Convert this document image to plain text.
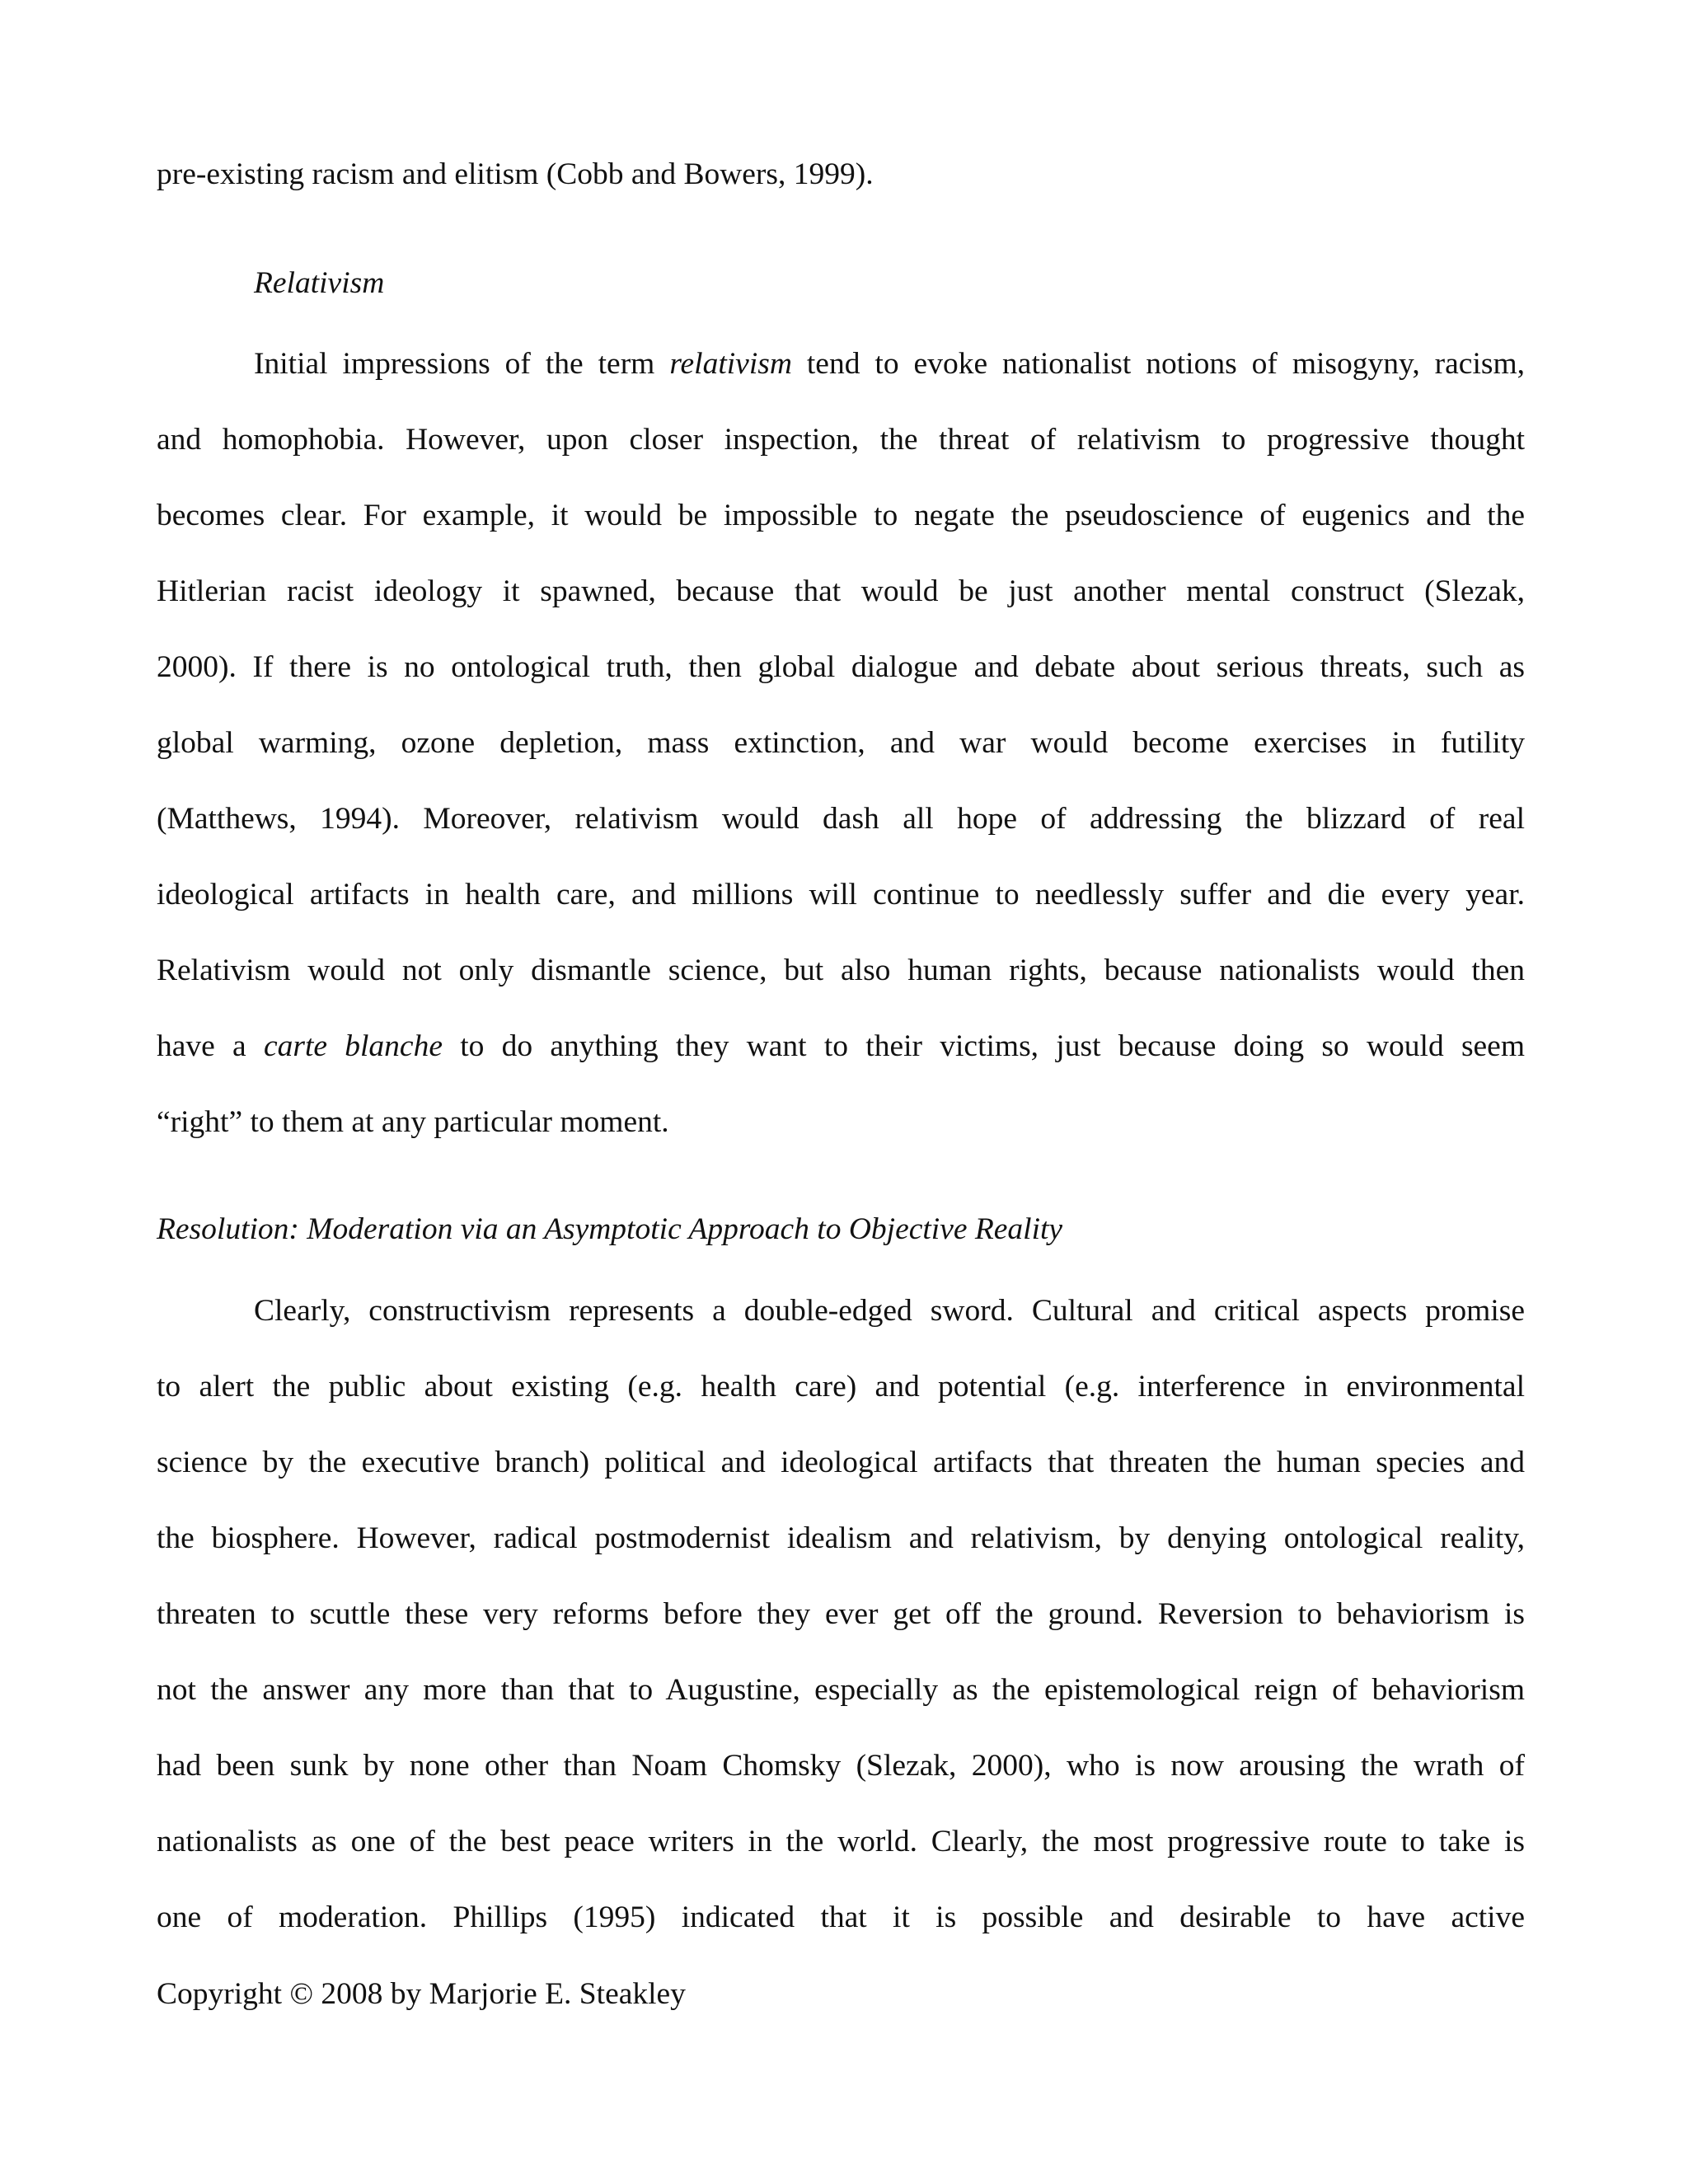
pre-existing racism and elitism (Cobb and Bowers, 1999).
Relativism
Initial impressions of the term relativism tend to evoke nationalist notions of misogyny, racism,
and homophobia. However, upon closer inspection, the threat of relativism to progressive thought
becomes clear. For example, it would be impossible to negate the pseudoscience of eugenics and the
Hitlerian racist ideology it spawned, because that would be just another mental construct (Slezak,
2000). If there is no ontological truth, then global dialogue and debate about serious threats, such as
global warming, ozone depletion, mass extinction, and war would become exercises in futility
(Matthews, 1994). Moreover, relativism would dash all hope of addressing the blizzard of real
ideological artifacts in health care, and millions will continue to needlessly suffer and die every year.
Relativism would not only dismantle science, but also human rights, because nationalists would then
have a carte blanche to do anything they want to their victims, just because doing so would seem
“right” to them at any particular moment.
Resolution: Moderation via an Asymptotic Approach to Objective Reality
Clearly, constructivism represents a double-edged sword. Cultural and critical aspects promise
to alert the public about existing (e.g. health care) and potential (e.g. interference in environmental
science by the executive branch) political and ideological artifacts that threaten the human species and
the biosphere. However, radical postmodernist idealism and relativism, by denying ontological reality,
threaten to scuttle these very reforms before they ever get off the ground. Reversion to behaviorism is
not the answer any more than that to Augustine, especially as the epistemological reign of behaviorism
had been sunk by none other than Noam Chomsky (Slezak, 2000), who is now arousing the wrath of
nationalists as one of the best peace writers in the world. Clearly, the most progressive route to take is
one of moderation. Phillips (1995) indicated that it is possible and desirable to have active
Copyright © 2008 by Marjorie E. Steakley
